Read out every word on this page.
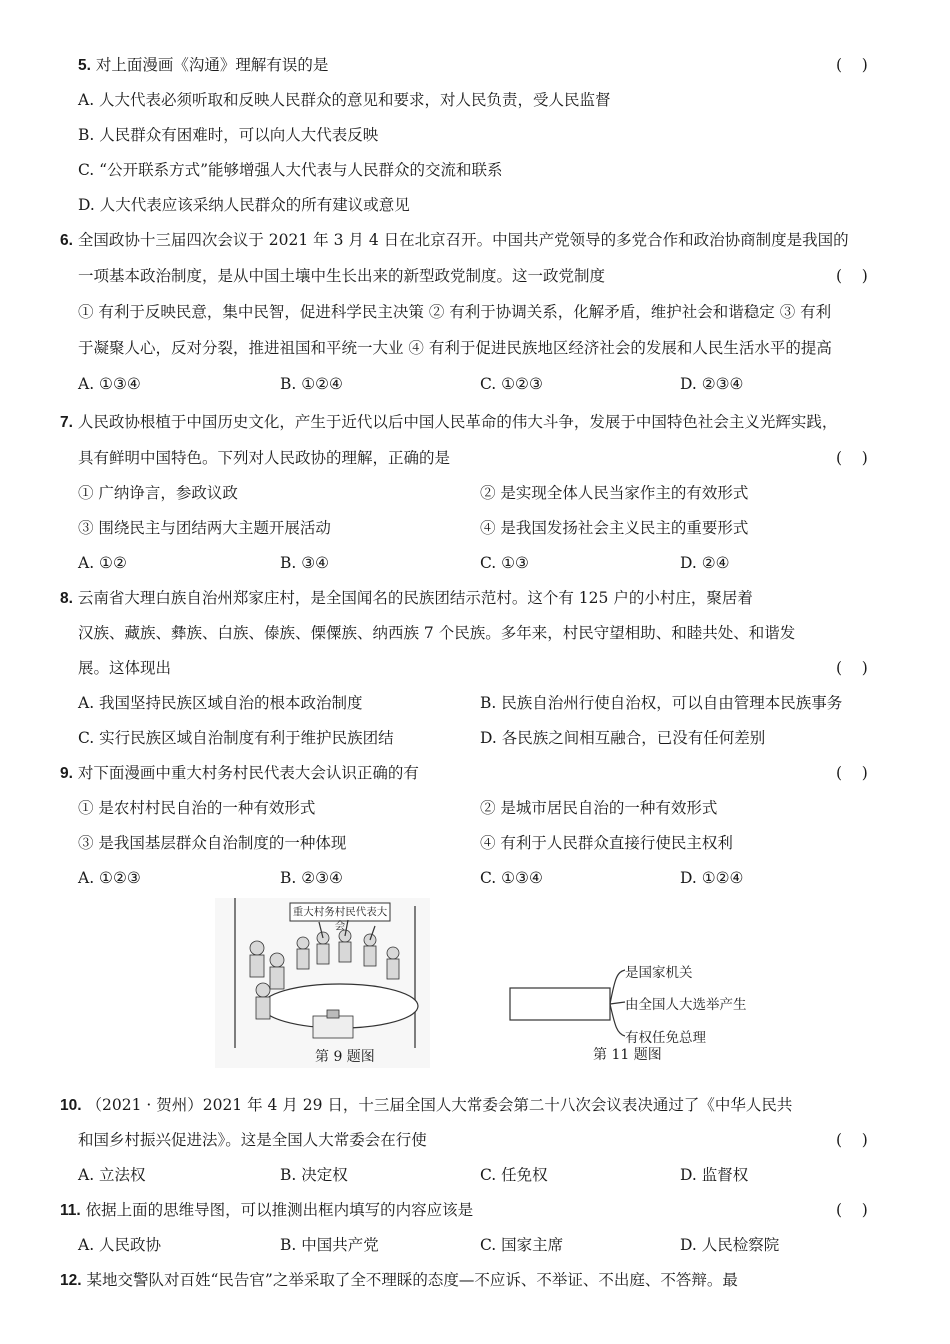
5. 对上面漫画《沟通》理解有误的是	(    )
A. 人大代表必须听取和反映人民群众的意见和要求，对人民负责，受人民监督
B. 人民群众有困难时，可以向人大代表反映
C. “公开联系方式”能够增强人大代表与人民群众的交流和联系
D. 人大代表应该采纳人民群众的所有建议或意见
6. 全国政协十三届四次会议于 2021 年 3 月 4 日在北京召开。中国共产党领导的多党合作和政治协商制度是我国的
一项基本政治制度，是从中国土壤中生长出来的新型政党制度。这一政党制度	(    )
① 有利于反映民意，集中民智，促进科学民主决策 ② 有利于协调关系，化解矛盾，维护社会和谐稳定 ③ 有利
于凝聚人心，反对分裂，推进祖国和平统一大业 ④ 有利于促进民族地区经济社会的发展和人民生活水平的提高
A. ①③④	B. ①②④	C. ①②③	D. ②③④
7. 人民政协根植于中国历史文化，产生于近代以后中国人民革命的伟大斗争，发展于中国特色社会主义光辉实践，
具有鲜明中国特色。下列对人民政协的理解，正确的是	(    )
① 广纳诤言，参政议政	② 是实现全体人民当家作主的有效形式
③ 围绕民主与团结两大主题开展活动	④ 是我国发扬社会主义民主的重要形式
A. ①②	B. ③④	C. ①③	D. ②④
8. 云南省大理白族自治州郑家庄村，是全国闻名的民族团结示范村。这个有 125 户的小村庄，聚居着
汉族、藏族、彝族、白族、傣族、傈僳族、纳西族 7 个民族。多年来，村民守望相助、和睦共处、和谐发
展。这体现出	(    )
A. 我国坚持民族区域自治的根本政治制度	B. 民族自治州行使自治权，可以自由管理本民族事务
C. 实行民族区域自治制度有利于维护民族团结	D. 各民族之间相互融合，已没有任何差别
9. 对下面漫画中重大村务村民代表大会认识正确的有	(    )
① 是农村村民自治的一种有效形式	② 是城市居民自治的一种有效形式
③ 是我国基层群众自治制度的一种体现	④ 有利于人民群众直接行使民主权利
A. ①②③	B. ②③④	C. ①③④	D. ①②④
重大村务村民代表大会
第 9 题图
是国家机关
由全国人大选举产生
有权任免总理
第 11 题图
10. （2021 · 贺州）2021 年 4 月 29 日，十三届全国人大常委会第二十八次会议表决通过了《中华人民共
和国乡村振兴促进法》。这是全国人大常委会在行使	(    )
A. 立法权	B. 决定权	C. 任免权	D. 监督权
11. 依据上面的思维导图，可以推测出框内填写的内容应该是	(    )
A. 人民政协	B. 中国共产党	C. 国家主席	D. 人民检察院
12. 某地交警队对百姓“民告官”之举采取了全不理睬的态度—不应诉、不举证、不出庭、不答辩。最
